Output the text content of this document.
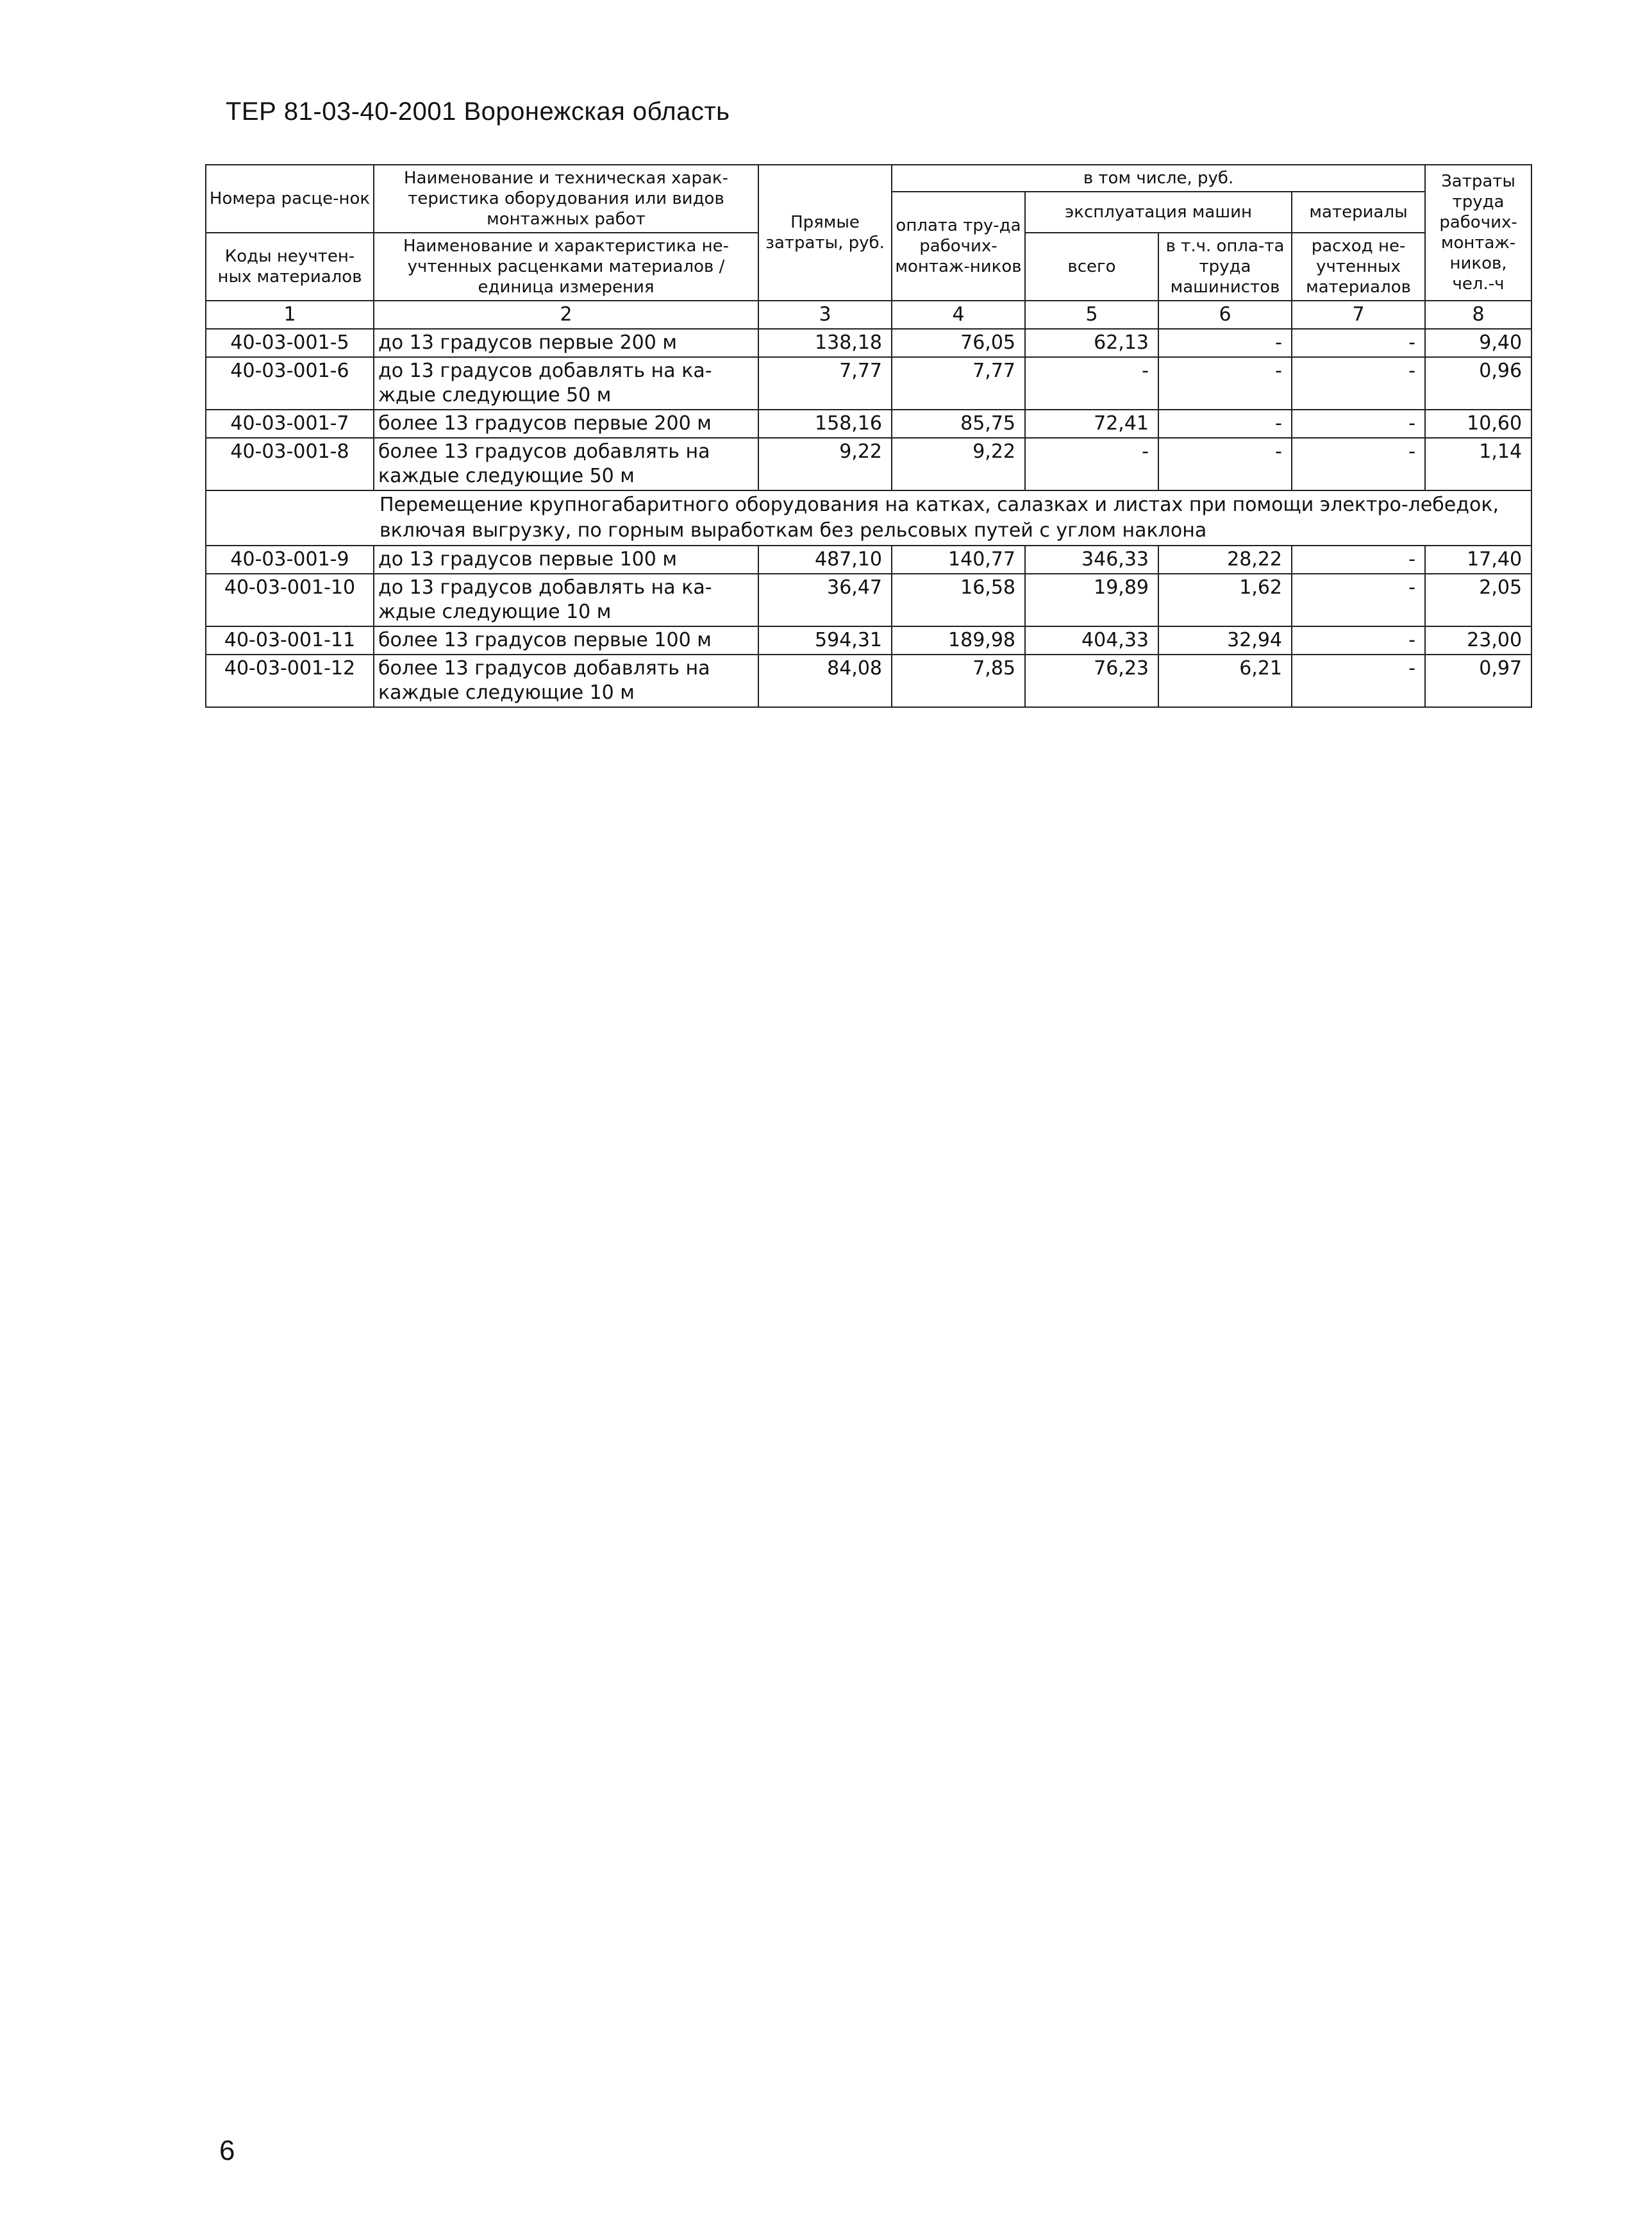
ТЕР 81-03-40-2001 Воронежская область
Номера расце-нок	Наименование и техническая харак-теристика оборудования или видов монтажных работ	Прямые затраты, руб.	в том числе, руб.				Затраты труда рабочих-монтаж-ников, чел.-ч
			оплата тру-да рабочих-монтаж-ников	эксплуатация машин		материалы	
Коды неучтен-ных материалов	Наименование и характеристика не-учтенных расценками материалов / единица измерения			всего	в т.ч. опла-та труда машинистов	расход не-учтенных материалов	

1	2	3	4	5	6	7	8
40-03-001-5	до 13 градусов первые 200 м	138,18	76,05	62,13	-	-	9,40
40-03-001-6	до 13 градусов добавлять на ка-ждые следующие 50 м	7,77	7,77	-	-	-	0,96
40-03-001-7	более 13 градусов первые 200 м	158,16	85,75	72,41	-	-	10,60
40-03-001-8	более 13 градусов добавлять на каждые следующие 50 м	9,22	9,22	-	-	-	1,14
Перемещение крупногабаритного оборудования на катках, салазках и листах при помощи электро-лебедок, включая выгрузку, по горным выработкам без рельсовых путей с углом наклона							
40-03-001-9	до 13 градусов первые 100 м	487,10	140,77	346,33	28,22	-	17,40
40-03-001-10	до 13 градусов добавлять на ка-ждые следующие 10 м	36,47	16,58	19,89	1,62	-	2,05
40-03-001-11	более 13 градусов первые 100 м	594,31	189,98	404,33	32,94	-	23,00
40-03-001-12	более 13 градусов добавлять на каждые следующие 10 м	84,08	7,85	76,23	6,21	-	0,97
6
